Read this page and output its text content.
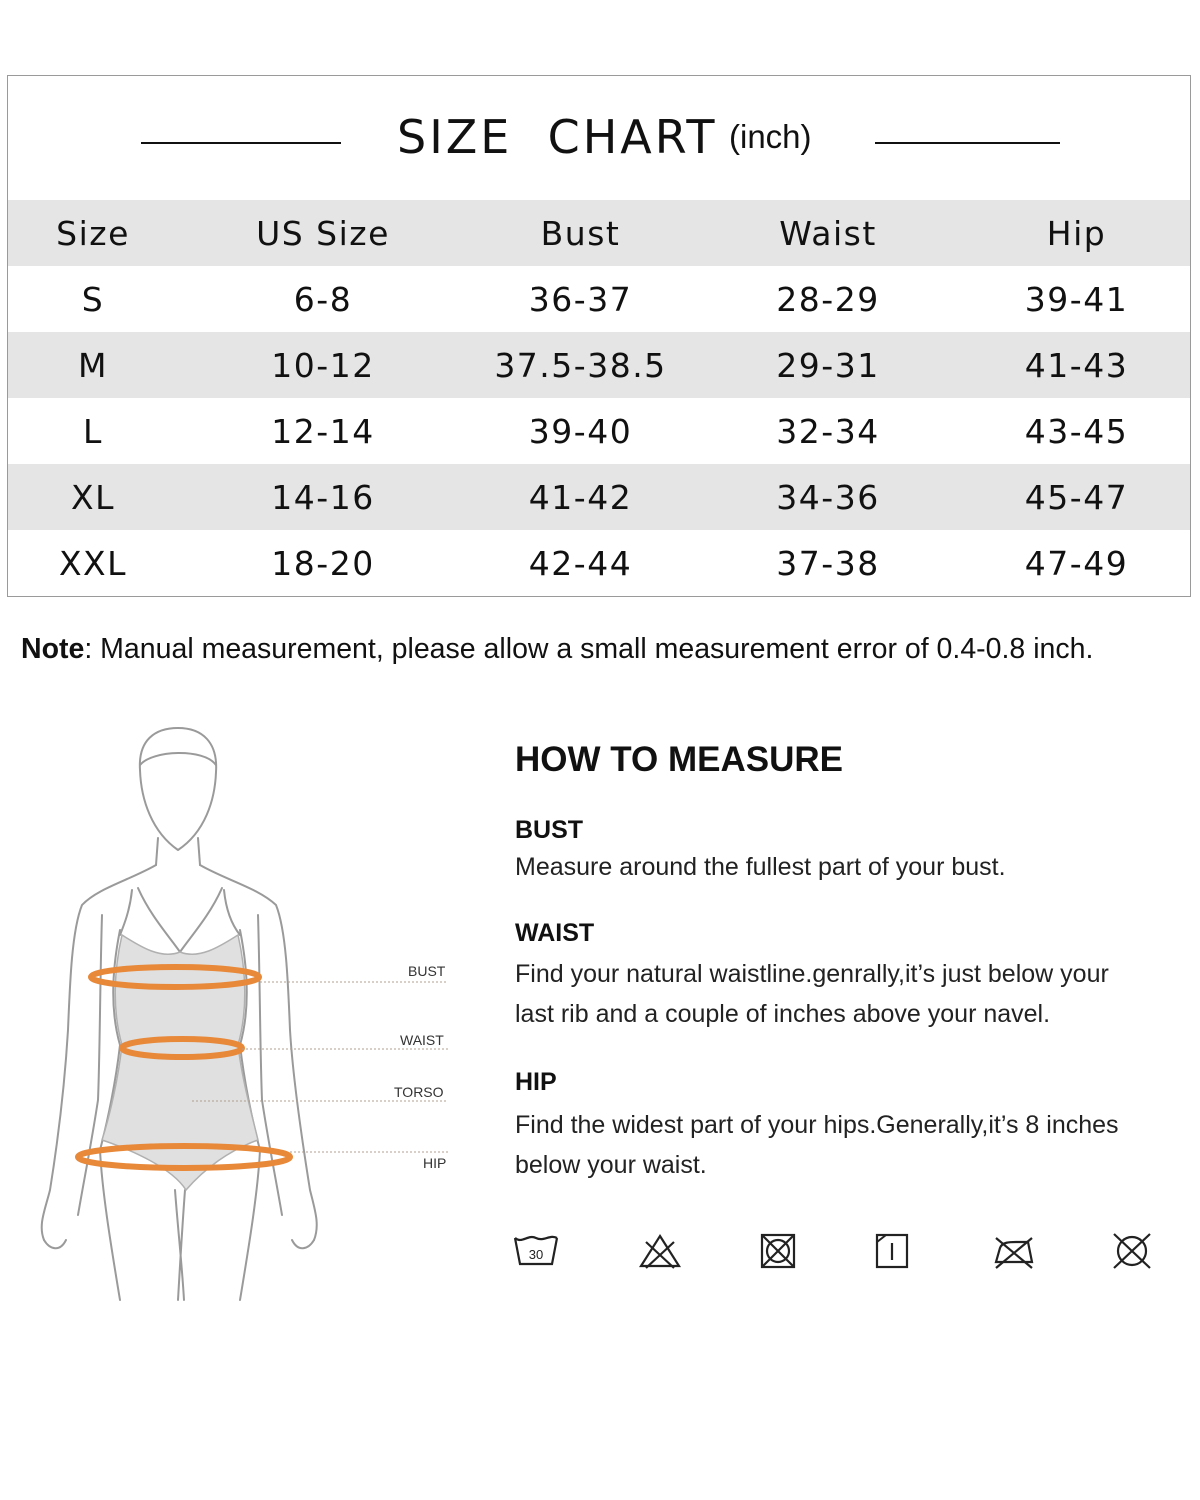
SIZE  CHART (inch)
Size	US Size	Bust	Waist	Hip
S	6-8	36-37	28-29	39-41
M	10-12	37.5-38.5	29-31	41-43
L	12-14	39-40	32-34	43-45
XL	14-16	41-42	34-36	45-47
XXL	18-20	42-44	37-38	47-49
Note: Manual measurement, please allow a small measurement error of 0.4-0.8 inch.
BUST
WAIST
TORSO
HIP
HOW TO MEASURE
BUST
Measure around the fullest part of your bust.
WAIST
Find your natural waistline.genrally,it’s just below your
last rib and a couple of inches above your navel.
HIP
Find the widest part of your hips.Generally,it’s 8 inches
below your waist.
30
